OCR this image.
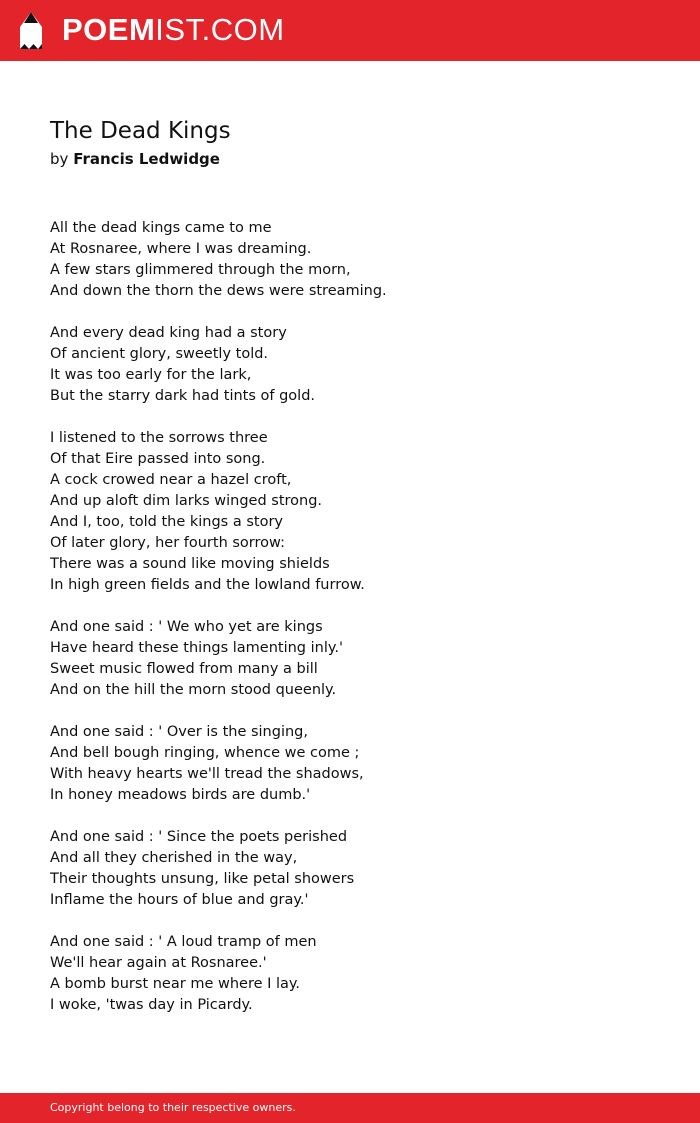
POEMIST.COM
The Dead Kings
by Francis Ledwidge
All the dead kings came to me
At Rosnaree, where I was dreaming.
A few stars glimmered through the morn,
And down the thorn the dews were streaming.
And every dead king had a story
Of ancient glory, sweetly told.
It was too early for the lark,
But the starry dark had tints of gold.
I listened to the sorrows three
Of that Eire passed into song.
A cock crowed near a hazel croft,
And up aloft dim larks winged strong.
And I, too, told the kings a story
Of later glory, her fourth sorrow:
There was a sound like moving shields
In high green fields and the lowland furrow.
And one said : ' We who yet are kings
Have heard these things lamenting inly.'
Sweet music flowed from many a bill
And on the hill the morn stood queenly.
And one said : ' Over is the singing,
And bell bough ringing, whence we come ;
With heavy hearts we'll tread the shadows,
In honey meadows birds are dumb.'
And one said : ' Since the poets perished
And all they cherished in the way,
Their thoughts unsung, like petal showers
Inflame the hours of blue and gray.'
And one said : ' A loud tramp of men
We'll hear again at Rosnaree.'
A bomb burst near me where I lay.
I woke, 'twas day in Picardy.
Copyright belong to their respective owners.
